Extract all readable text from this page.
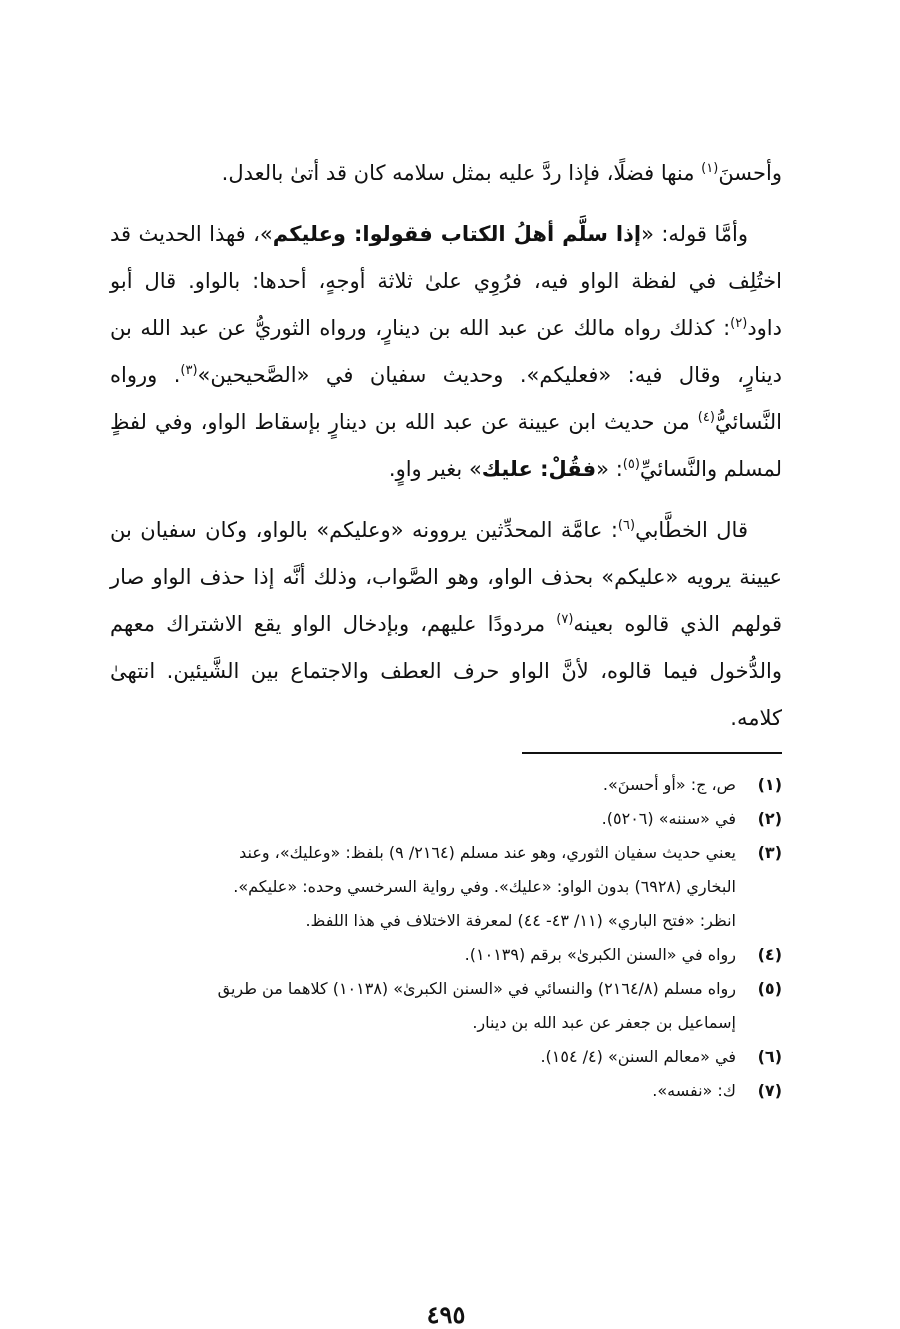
وأحسنَ$^{(١)}$ منها فضلًا، فإذا ردَّ عليه بمثل سلامه كان قد أتىٰ بالعدل.

وأمَّا قوله: «إذا سلَّم أهلُ الكتاب فقولوا: وعليكم»، فهذا الحديث قد اختُلِف في لفظة الواو فيه، فرُوِي علىٰ ثلاثة أوجهٍ، أحدها: بالواو. قال أبو داود$^{(٢)}$: كذلك رواه مالك عن عبد الله بن دينارٍ، ورواه الثوريُّ عن عبد الله بن دينارٍ، وقال فيه: «فعليكم». وحديث سفيان في «الصَّحيحين»$^{(٣)}$. ورواه النَّسائيُّ$^{(٤)}$ من حديث ابن عيينة عن عبد الله بن دينارٍ بإسقاط الواو، وفي لفظٍ لمسلم والنَّسائيِّ$^{(٥)}$: «فقُلْ: عليك» بغير واوٍ.

قال الخطَّابي$^{(٦)}$: عامَّة المحدِّثين يروونه «وعليكم» بالواو، وكان سفيان بن عيينة يرويه «عليكم» بحذف الواو، وهو الصَّواب، وذلك أنَّه إذا حذف الواو صار قولهم الذي قالوه بعينه$^{(٧)}$ مردودًا عليهم، وبإدخال الواو يقع الاشتراك معهم والدُّخول فيما قالوه، لأنَّ الواو حرف العطف والاجتماع بين الشَّيئين. انتهىٰ كلامه.

(١)
ص، ج: «أو أحسنَ».
(٢)
في «سننه» (٥٢٠٦).
(٣)
يعني حديث سفيان الثوري، وهو عند مسلم (٢١٦٤/ ٩) بلفظ: «وعليك»، وعند
البخاري (٦٩٢٨) بدون الواو: «عليك». وفي رواية السرخسي وحده: «عليكم».
انظر: «فتح الباري» (١١/ ٤٣- ٤٤) لمعرفة الاختلاف في هذا اللفظ.
(٤)
رواه في «السنن الكبرىٰ» برقم (١٠١٣٩).
(٥)
رواه مسلم (٢١٦٤/٨) والنسائي في «السنن الكبرىٰ» (١٠١٣٨) كلاهما من طريق
إسماعيل بن جعفر عن عبد الله بن دينار.
(٦)
في «معالم السنن» (٤/ ١٥٤).
(٧)
ك: «نفسه».
٤٩٥
